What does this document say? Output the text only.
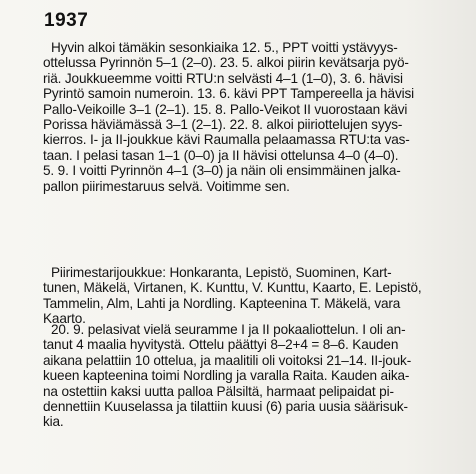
1937
Hyvin alkoi tämäkin sesonkiaika 12. 5., PPT voitti ystävyys-
ottelussa Pyrinnön 5–1 (2–0). 23. 5. alkoi piirin kevätsarja pyö-
riä. Joukkueemme voitti RTU:n selvästi 4–1 (1–0), 3. 6. hävisi
Pyrintö samoin numeroin. 13. 6. kävi PPT Tampereella ja hävisi
Pallo-Veikoille 3–1 (2–1). 15. 8. Pallo-Veikot II vuorostaan kävi
Porissa häviämässä 3–1 (2–1). 22. 8. alkoi piiriottelujen syys-
kierros. I- ja II-joukkue kävi Raumalla pelaamassa RTU:ta vas-
taan. I pelasi tasan 1–1 (0–0) ja II hävisi ottelunsa 4–0 (4–0).
5. 9. I voitti Pyrinnön 4–1 (3–0) ja näin oli ensimmäinen jalka-
pallon piirimestaruus selvä. Voitimme sen.
Piirimestarijoukkue: Honkaranta, Lepistö, Suominen, Kart-
tunen, Mäkelä, Virtanen, K. Kunttu, V. Kunttu, Kaarto, E. Lepistö,
Tammelin, Alm, Lahti ja Nordling. Kapteenina T. Mäkelä, vara
Kaarto.
20. 9. pelasivat vielä seuramme I ja II pokaaliottelun. I oli an-
tanut 4 maalia hyvitystä. Ottelu päättyi 8–2+4 = 8–6. Kauden
aikana pelattiin 10 ottelua, ja maalitili oli voitoksi 21–14. II-jouk-
kueen kapteenina toimi Nordling ja varalla Raita. Kauden aika-
na ostettiin kaksi uutta palloa Pälsiltä, harmaat pelipaidat pi-
dennettiin Kuuselassa ja tilattiin kuusi (6) paria uusia säärisuk-
kia.
